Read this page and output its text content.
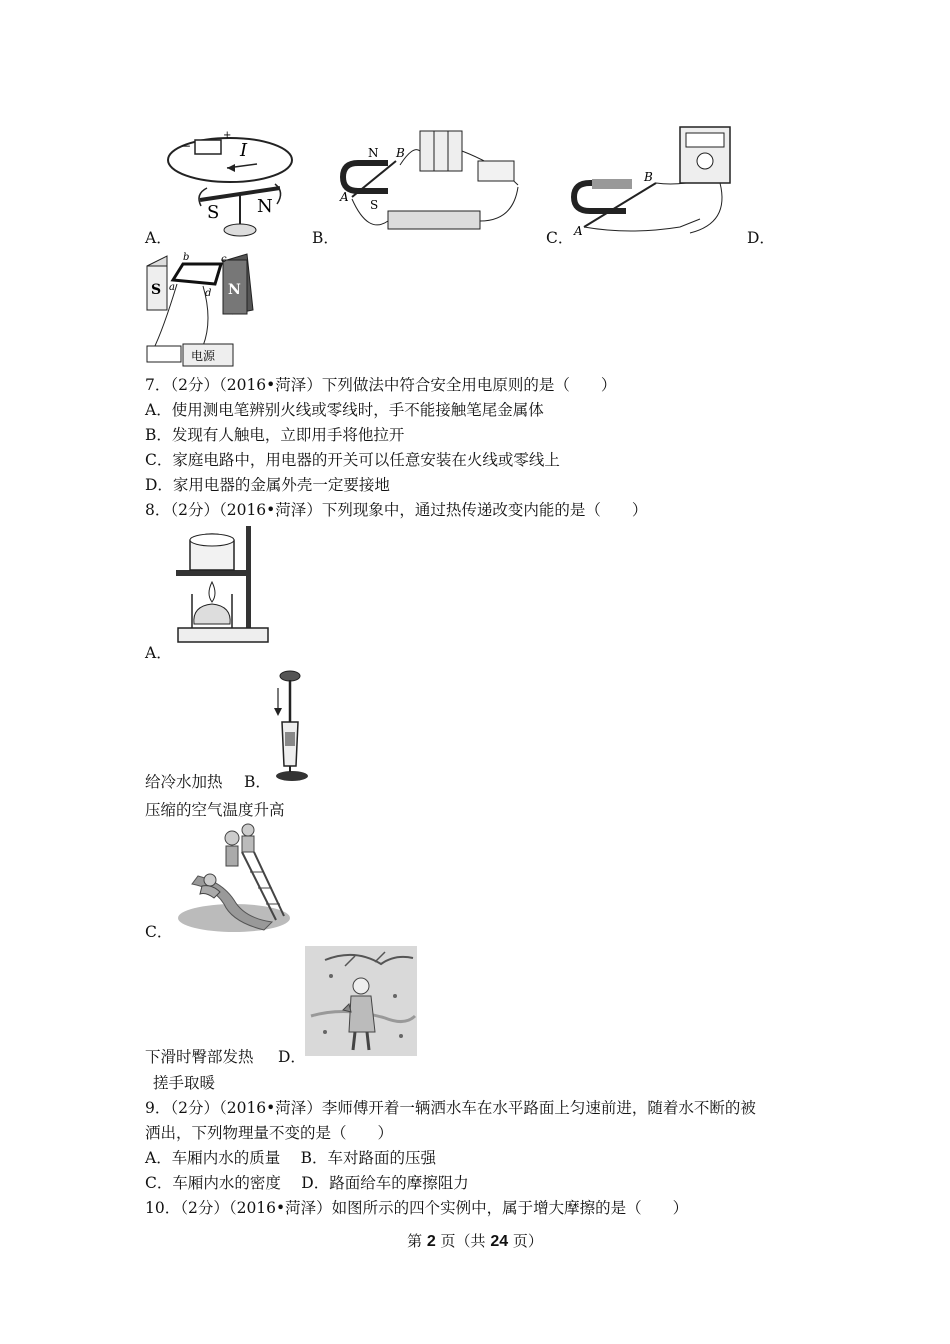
−
+
I
S N
A．
N
S
A
B
B．	A
B
C．	D．
S	N
b	c
a
d
电源
7．（2分）（2016•菏泽）下列做法中符合安全用电原则的是（　　）
A．使用测电笔辨别火线或零线时，手不能接触笔尾金属体
B．发现有人触电，立即用手将他拉开
C．家庭电路中，用电器的开关可以任意安装在火线或零线上
D．家用电器的金属外壳一定要接地
8．（2分）（2016•菏泽）下列现象中，通过热传递改变内能的是（　　）
A．
给冷水加热 B．
压缩的空气温度升高
C．
下滑时臀部发热 D．
搓手取暖
9．（2分）（2016•菏泽）李师傅开着一辆洒水车在水平路面上匀速前进，随着水不断的被
洒出，下列物理量不变的是（　　）
A．车厢内水的质量　 B．车对路面的压强
C．车厢内水的密度　 D．路面给车的摩擦阻力
10．（2分）（2016•菏泽）如图所示的四个实例中，属于增大摩擦的是（　　）
第 2 页（共 24 页）
